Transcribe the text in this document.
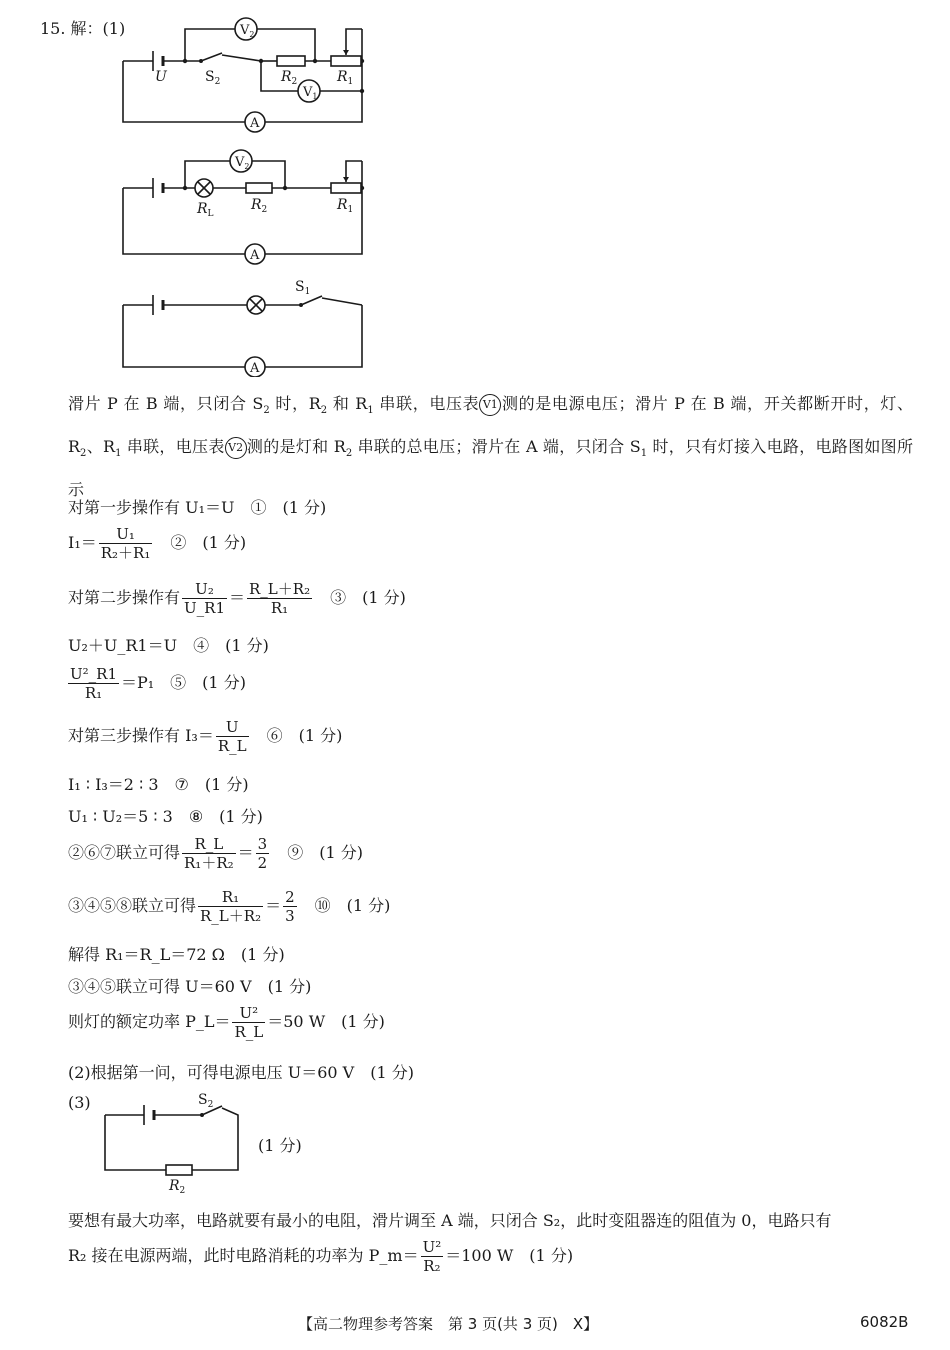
15. 解：(1)
U	$S_2$	$R_2$	$R_1$
$V_2$
$V_1$
A
$R_L$
$R_2$	$R_1$
$V_2$
A
$S_1$
A
滑片 P 在 B 端，只闭合 $S_2$ 时，$R_2$ 和 $R_1$ 串联，电压表 V1 测的是电源电压；滑片 P 在 B 端，开关都断开时，灯、$R_2$、$R_1$ 串联，电压表 V2 测的是灯和 $R_2$ 串联的总电压；滑片在 A 端，只闭合 $S_1$ 时，只有灯接入电路，电路图如图所示
对第一步操作有 U₁＝U　①　(1 分)
$I_1= \frac{\text{U₁}}{\text{R₂＋R₁}}$ 　②　(1 分)
对第二步操作有 $\frac{\text{U₂}}{U\_R1} = \frac{\text{R\_L＋R₂}}{\text{R₁}}$ 　③　(1 分)
U₂＋U_R1＝U　④　(1 分)
$\frac{\text{U²\_R1}}{\text{R₁}} =P_1$　⑤　(1 分)
对第三步操作有 $I_3= \frac{U}{R\_L}$ 　⑥　(1 分)
I₁ ∶ I₃＝2 ∶ 3　⑦　(1 分)
U₁ ∶ U₂＝5 ∶ 3　⑧　(1 分)
②⑥⑦联立可得 $\frac{R\_L}{\text{R₁＋R₂}} = \frac{3}{2}$ 　⑨　(1 分)
③④⑤⑧联立可得 $\frac{\text{R₁}}{\text{R\_L＋R₂}} = \frac{2}{3}$ 　⑩　(1 分)
解得 R₁＝R_L＝72 Ω　(1 分)
③④⑤联立可得 U＝60 V　(1 分)
则灯的额定功率 P_L＝ $\frac{\text{U²}}{R\_L} =50$ W　(1 分)
(2)根据第一问，可得电源电压 U＝60 V　(1 分)
(3)	$S_2$
$R_2$
(1 分)
要想有最大功率，电路就要有最小的电阻，滑片调至 A 端，只闭合 S₂，此时变阻器连的阻值为 0，电路只有
R₂ 接在电源两端，此时电路消耗的功率为 P_m＝ $\frac{\text{U²}}{\text{R₂}} =100$ W　(1 分)
【高二物理参考答案　第 3 页(共 3 页)　X】	6082B
